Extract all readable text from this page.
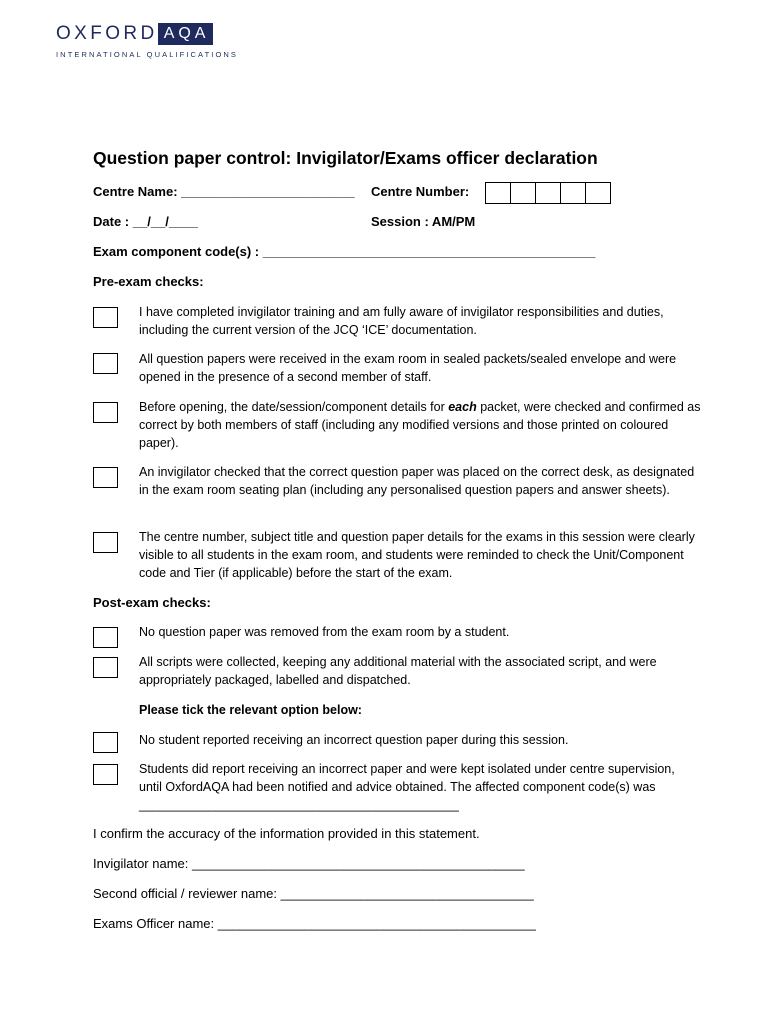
OXFORD AQA
INTERNATIONAL QUALIFICATIONS
Question paper control: Invigilator/Exams officer declaration
Centre Name: ________________________ Centre Number:
Date : __/__/____	Session : AM/PM
Exam component code(s) : ______________________________________________
Pre-exam checks:
I have completed invigilator training and am fully aware of invigilator responsibilities and duties, including the current version of the JCQ ‘ICE’ documentation.
All question papers were received in the exam room in sealed packets/sealed envelope and were opened in the presence of a second member of staff.
Before opening, the date/session/component details for each packet, were checked and confirmed as correct by both members of staff (including any modified versions and those printed on coloured paper).
An invigilator checked that the correct question paper was placed on the correct desk, as designated in the exam room seating plan (including any personalised question papers and answer sheets).
The centre number, subject title and question paper details for the exams in this session were clearly visible to all students in the exam room, and students were reminded to check the Unit/Component code and Tier (if applicable) before the start of the exam.
Post-exam checks:
No question paper was removed from the exam room by a student.
All scripts were collected, keeping any additional material with the associated script, and were appropriately packaged, labelled and dispatched.
Please tick the relevant option below:
No student reported receiving an incorrect question paper during this session.
Students did report receiving an incorrect paper and were kept isolated under centre supervision, until OxfordAQA had been notified and advice obtained. The affected component code(s) was ______________________________________________
I confirm the accuracy of the information provided in this statement.
Invigilator name: ______________________________________________
Second official / reviewer name: ___________________________________
Exams Officer name: ____________________________________________
